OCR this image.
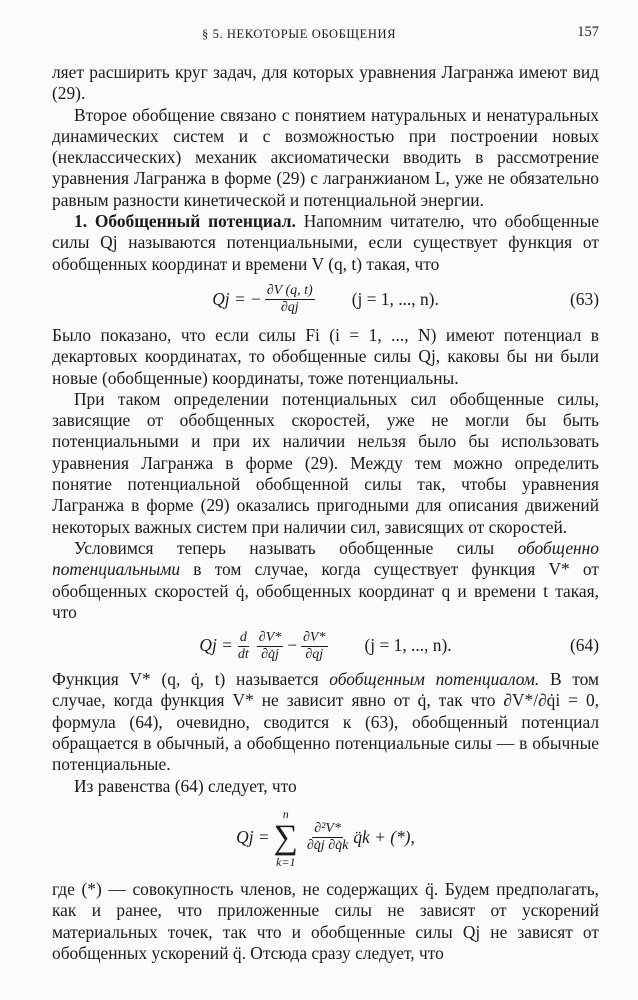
§ 5. НЕКОТОРЫЕ ОБОБЩЕНИЯ	157

ляет расширить круг задач, для которых уравнения Лагранжа имеют вид (29).

Второе обобщение связано с понятием натуральных и ненатуральных динамических систем и с возможностью при построении новых (неклассических) механик аксиоматически вводить в рассмотрение уравнения Лагранжа в форме (29) с лагранжианом L, уже не обязательно равным разности кинетической и потенциальной энергии.

1. Обобщенный потенциал. Напомним читателю, что обобщенные силы Qj называются потенциальными, если существует функция от обобщенных координат и времени V (q, t) такая, что

Qj = − $\frac{\partial V (q, t)}{\partial qj} (j = 1$, ..., n).	(63)

Было показано, что если силы Fi (i = 1, ..., N) имеют потенциал в декартовых координатах, то обобщенные силы Qj, каковы бы ни были новые (обобщенные) координаты, тоже потенциальны.

При таком определении потенциальных сил обобщенные силы, зависящие от обобщенных скоростей, уже не могли бы быть потенциальными и при их наличии нельзя было бы использовать уравнения Лагранжа в форме (29). Между тем можно определить понятие потенциальной обобщенной силы так, чтобы уравнения Лагранжа в форме (29) оказались пригодными для описания движений некоторых важных систем при наличии сил, зависящих от скоростей.

Условимся теперь называть обобщенные силы обобщенно потенциальными в том случае, когда существует функция V* от обобщенных скоростей q̇, обобщенных координат q и времени t такая, что

$Qj = \frac{d}{dt} \frac{\partial V*}{\partial q̇j} - \frac{\partial V*}{\partial qj} (j = 1$, ..., n).	(64)

Функция V* (q, q̇, t) называется обобщенным потенциалом. В том случае, когда функция V* не зависит явно от q̇, так что ∂V*/∂q̇i = 0, формула (64), очевидно, сводится к (63), обобщенный потенциал обращается в обычный, а обобщенно потенциальные силы — в обычные потенциальные.

Из равенства (64) следует, что

Qj =
n
∑
k=1
$\frac{\text{∂²V*}}{\partial q̇j \partial q̇k}$ q̈k + (*),

где (*) — совокупность членов, не содержащих q̈. Будем предполагать, как и ранее, что приложенные силы не зависят от ускорений материальных точек, так что и обобщенные силы Qj не зависят от обобщенных ускорений q̈. Отсюда сразу следует, что
